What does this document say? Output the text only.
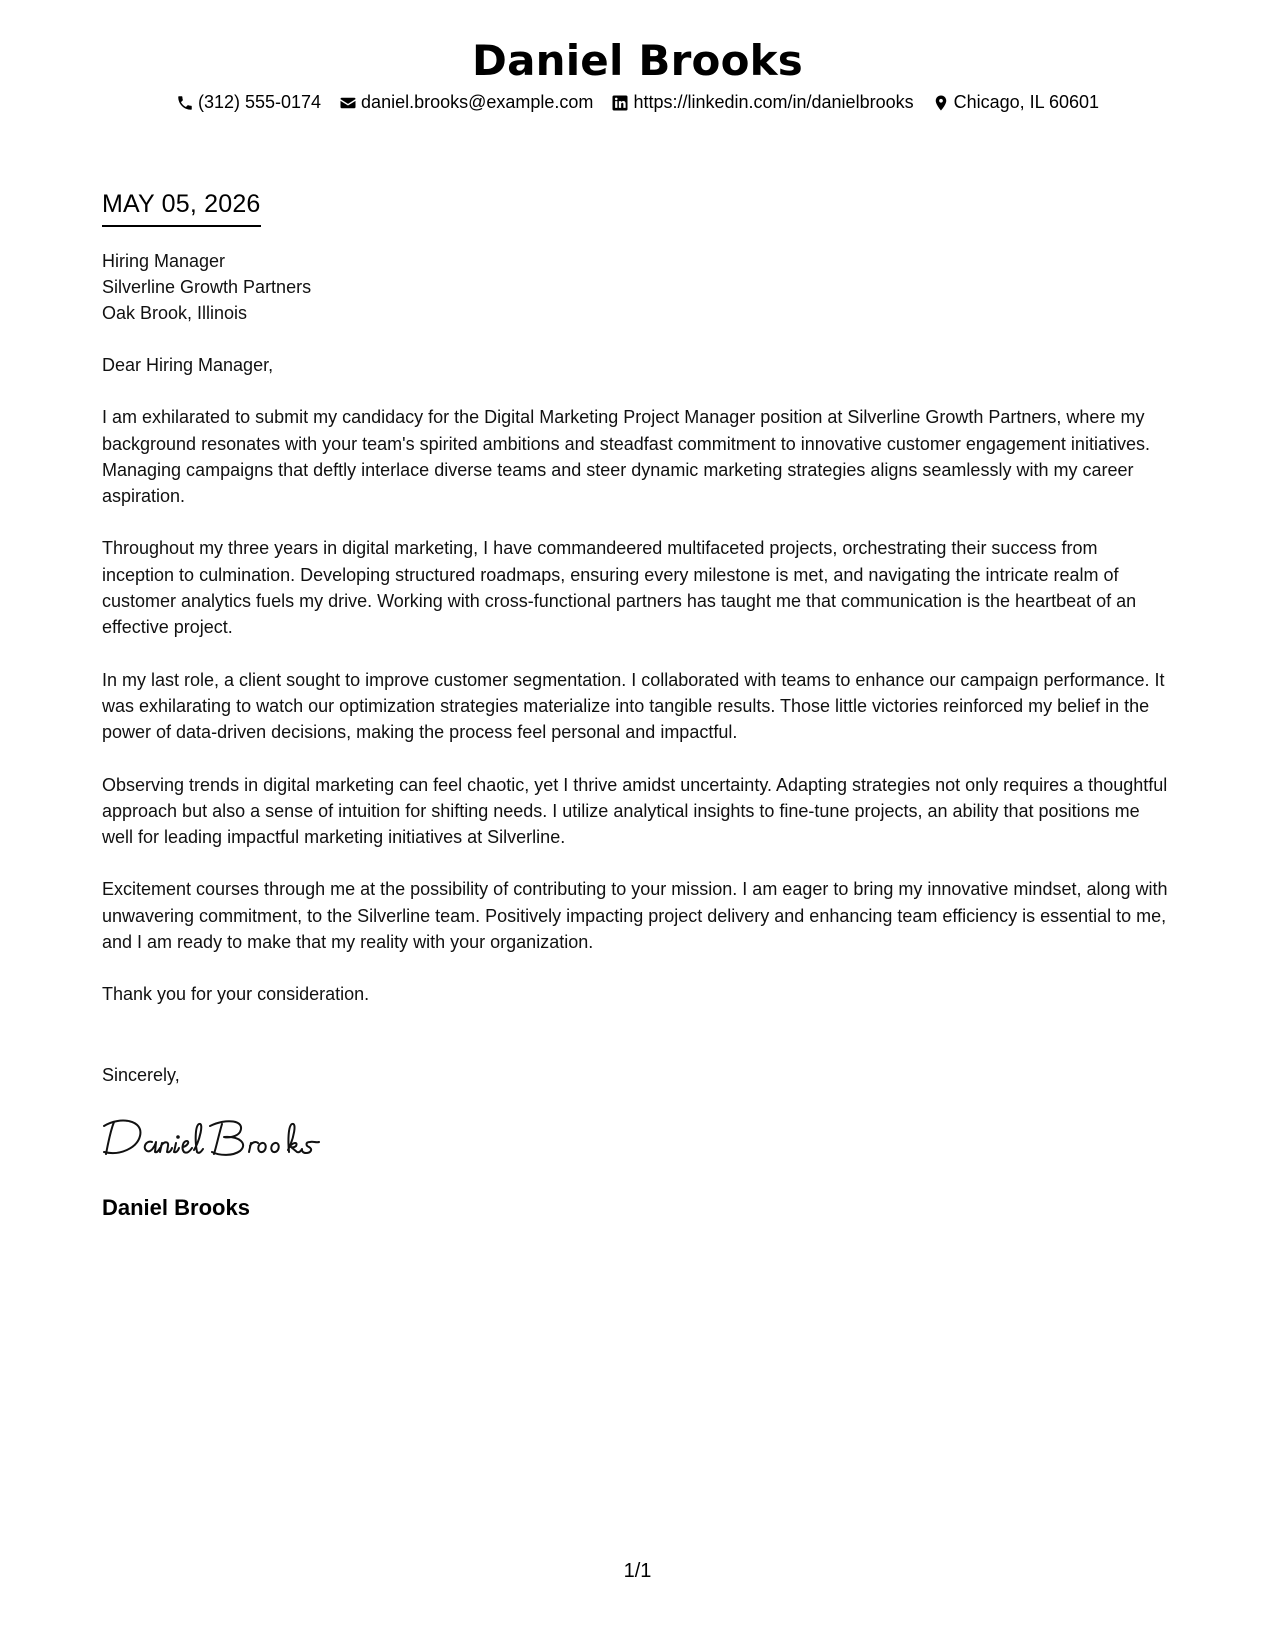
Daniel Brooks
(312) 555-0174 daniel.brooks@example.com https://linkedin.com/in/danielbrooks Chicago, IL 60601
MAY 05, 2026
Hiring Manager
Silverline Growth Partners
Oak Brook, Illinois

Dear Hiring Manager,

I am exhilarated to submit my candidacy for the Digital Marketing Project Manager position at Silverline Growth Partners, where my background resonates with your team's spirited ambitions and steadfast commitment to innovative customer engagement initiatives. Managing campaigns that deftly interlace diverse teams and steer dynamic marketing strategies aligns seamlessly with my career aspiration.

Throughout my three years in digital marketing, I have commandeered multifaceted projects, orchestrating their success from inception to culmination. Developing structured roadmaps, ensuring every milestone is met, and navigating the intricate realm of customer analytics fuels my drive. Working with cross-functional partners has taught me that communication is the heartbeat of an effective project.

In my last role, a client sought to improve customer segmentation. I collaborated with teams to enhance our campaign performance. It was exhilarating to watch our optimization strategies materialize into tangible results. Those little victories reinforced my belief in the power of data-driven decisions, making the process feel personal and impactful.

Observing trends in digital marketing can feel chaotic, yet I thrive amidst uncertainty. Adapting strategies not only requires a thoughtful approach but also a sense of intuition for shifting needs. I utilize analytical insights to fine-tune projects, an ability that positions me well for leading impactful marketing initiatives at Silverline.

Excitement courses through me at the possibility of contributing to your mission. I am eager to bring my innovative mindset, along with unwavering commitment, to the Silverline team. Positively impacting project delivery and enhancing team efficiency is essential to me, and I am ready to make that my reality with your organization.

Thank you for your consideration.

Sincerely,
Daniel Brooks
1/1
